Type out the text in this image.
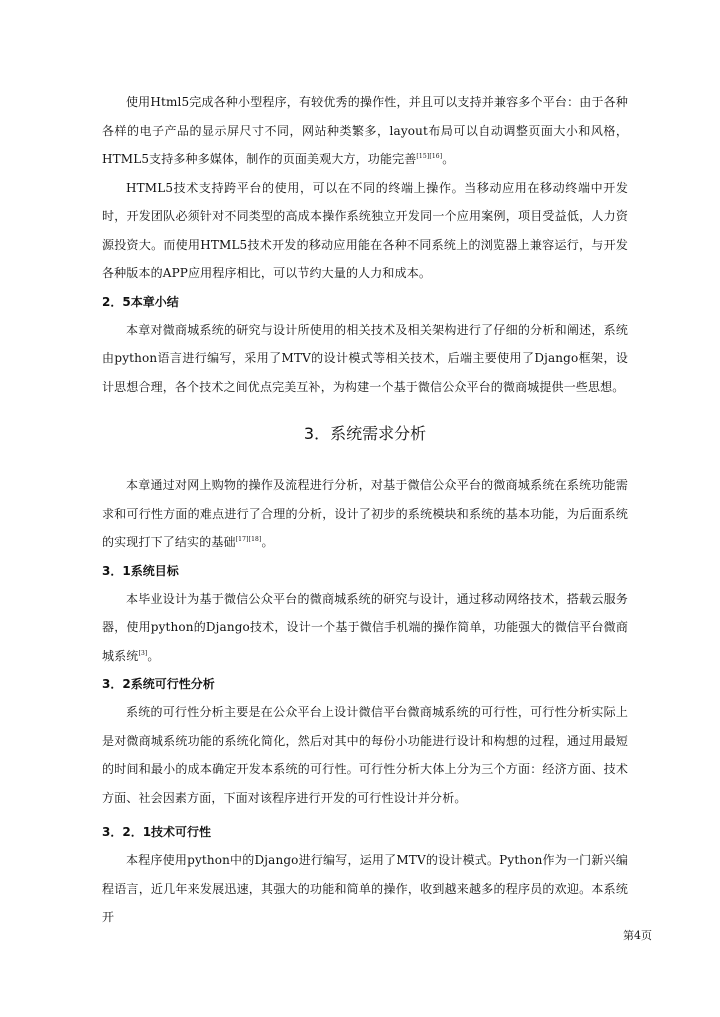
使用Html5完成各种小型程序，有较优秀的操作性，并且可以支持并兼容多个平台：由于各种各样的电子产品的显示屏尺寸不同，网站种类繁多，layout布局可以自动调整页面大小和风格，HTML5支持多种多媒体，制作的页面美观大方，功能完善[15][16]。

HTML5技术支持跨平台的使用，可以在不同的终端上操作。当移动应用在移动终端中开发时，开发团队必须针对不同类型的高成本操作系统独立开发同一个应用案例，项目受益低，人力资源投资大。而使用HTML5技术开发的移动应用能在各种不同系统上的浏览器上兼容运行，与开发各种版本的APP应用程序相比，可以节约大量的人力和成本。

2．5本章小结

本章对微商城系统的研究与设计所使用的相关技术及相关架构进行了仔细的分析和阐述，系统由python语言进行编写，采用了MTV的设计模式等相关技术，后端主要使用了Django框架，设计思想合理，各个技术之间优点完美互补，为构建一个基于微信公众平台的微商城提供一些思想。

3．系统需求分析

本章通过对网上购物的操作及流程进行分析，对基于微信公众平台的微商城系统在系统功能需求和可行性方面的难点进行了合理的分析，设计了初步的系统模块和系统的基本功能，为后面系统的实现打下了结实的基础[17][18]。

3．1系统目标

本毕业设计为基于微信公众平台的微商城系统的研究与设计，通过移动网络技术，搭载云服务器，使用python的Django技术，设计一个基于微信手机端的操作简单，功能强大的微信平台微商城系统[3]。

3．2系统可行性分析

系统的可行性分析主要是在公众平台上设计微信平台微商城系统的可行性，可行性分析实际上是对微商城系统功能的系统化简化，然后对其中的每份小功能进行设计和构想的过程，通过用最短的时间和最小的成本确定开发本系统的可行性。可行性分析大体上分为三个方面：经济方面、技术方面、社会因素方面，下面对该程序进行开发的可行性设计并分析。

3．2．1技术可行性

本程序使用python中的Django进行编写，运用了MTV的设计模式。Python作为一门新兴编程语言，近几年来发展迅速，其强大的功能和简单的操作，收到越来越多的程序员的欢迎。本系统开

第4页
